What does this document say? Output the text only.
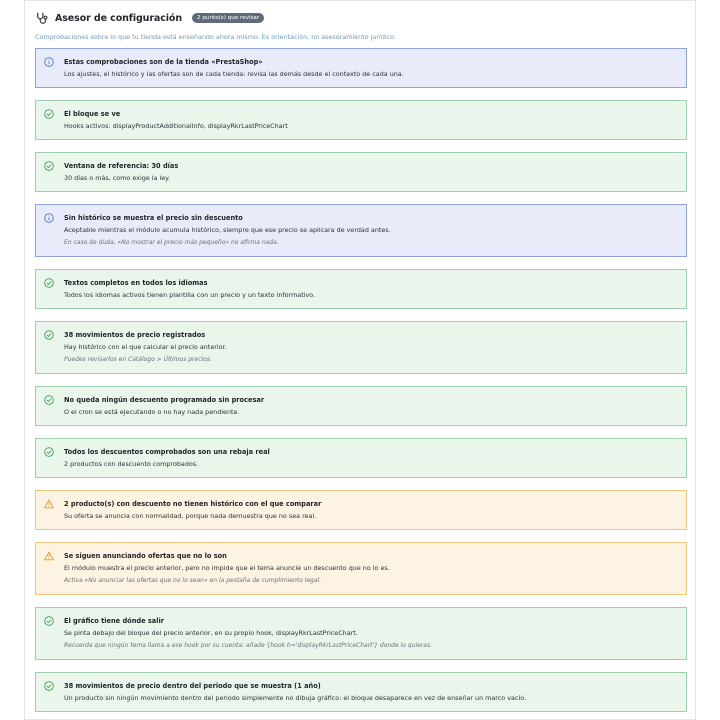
Asesor de configuración	2 punto(s) que revisar
Comprobaciones sobre lo que tu tienda está enseñando ahora mismo. Es orientación, no asesoramiento jurídico.
Estas comprobaciones son de la tienda «PrestaShop»
Los ajustes, el histórico y las ofertas son de cada tienda: revisa las demás desde el contexto de cada una.
El bloque se ve
Hooks activos: displayProductAdditionalInfo, displayRkrLastPriceChart
Ventana de referencia: 30 días
30 días o más, como exige la ley.
Sin histórico se muestra el precio sin descuento
Aceptable mientras el módulo acumula histórico, siempre que ese precio se aplicara de verdad antes.
En caso de duda, «No mostrar el precio más pequeño» no afirma nada.
Textos completos en todos los idiomas
Todos los idiomas activos tienen plantilla con un precio y un texto informativo.
38 movimientos de precio registrados
Hay histórico con el que calcular el precio anterior.
Puedes revisarlos en Catálogo > Últimos precios.
No queda ningún descuento programado sin procesar
O el cron se está ejecutando o no hay nada pendiente.
Todos los descuentos comprobados son una rebaja real
2 productos con descuento comprobados.
2 producto(s) con descuento no tienen histórico con el que comparar
Su oferta se anuncia con normalidad, porque nada demuestra que no sea real.
Se siguen anunciando ofertas que no lo son
El módulo muestra el precio anterior, pero no impide que el tema anuncie un descuento que no lo es.
Activa «No anunciar las ofertas que no lo sean» en la pestaña de cumplimiento legal.
El gráfico tiene dónde salir
Se pinta debajo del bloque del precio anterior, en su propio hook, displayRkrLastPriceChart.
Recuerda que ningún tema llama a ese hook por su cuenta: añade {hook h='displayRkrLastPriceChart'} donde lo quieras.
38 movimientos de precio dentro del periodo que se muestra (1 año)
Un producto sin ningún movimiento dentro del periodo simplemente no dibuja gráfico: el bloque desaparece en vez de enseñar un marco vacío.
